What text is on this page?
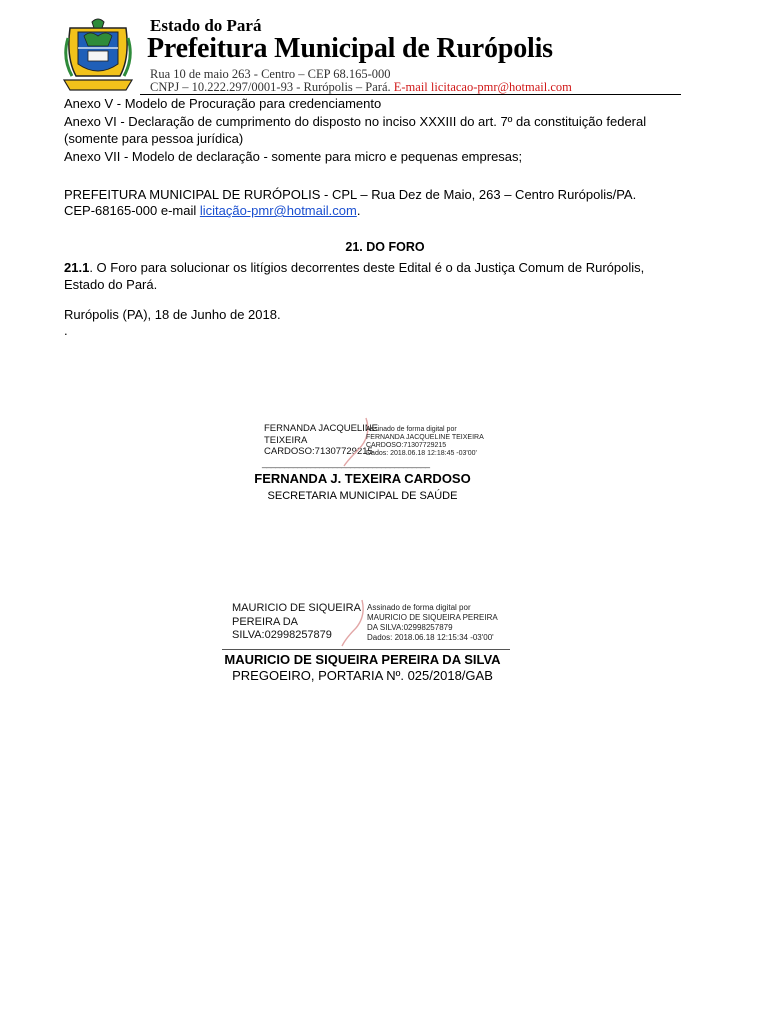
Estado do Pará
Prefeitura Municipal de Rurópolis
Rua 10 de maio 263 - Centro – CEP 68.165-000
CNPJ – 10.222.297/0001-93 - Rurópolis – Pará. E-mail licitacao-pmr@hotmail.com
Anexo V - Modelo de Procuração para credenciamento
Anexo VI - Declaração de cumprimento do disposto no inciso XXXIII do art. 7º da constituição federal
(somente para pessoa jurídica)
Anexo VII - Modelo de declaração - somente para micro e pequenas empresas;
PREFEITURA MUNICIPAL DE RURÓPOLIS - CPL – Rua Dez de Maio, 263 – Centro Rurópolis/PA.
CEP-68165-000 e-mail licitação-pmr@hotmail.com.
21. DO FORO
21.1. O Foro para solucionar os litígios decorrentes deste Edital é o da Justiça Comum de Rurópolis,
Estado do Pará.
Rurópolis (PA), 18 de Junho de 2018.
.
FERNANDA JACQUELINE
TEIXEIRA
CARDOSO:71307729215
Assinado de forma digital por
FERNANDA JACQUELINE TEIXEIRA
CARDOSO:71307729215
Dados: 2018.06.18 12:18:45 -03'00'
______________________________________
FERNANDA J. TEXEIRA CARDOSO
SECRETARIA MUNICIPAL DE SAÚDE
MAURICIO DE SIQUEIRA
PEREIRA DA
SILVA:02998257879
Assinado de forma digital por
MAURICIO DE SIQUEIRA PEREIRA
DA SILVA:02998257879
Dados: 2018.06.18 12:15:34 -03'00'
MAURICIO DE SIQUEIRA PEREIRA DA SILVA
PREGOEIRO, PORTARIA Nº. 025/2018/GAB
